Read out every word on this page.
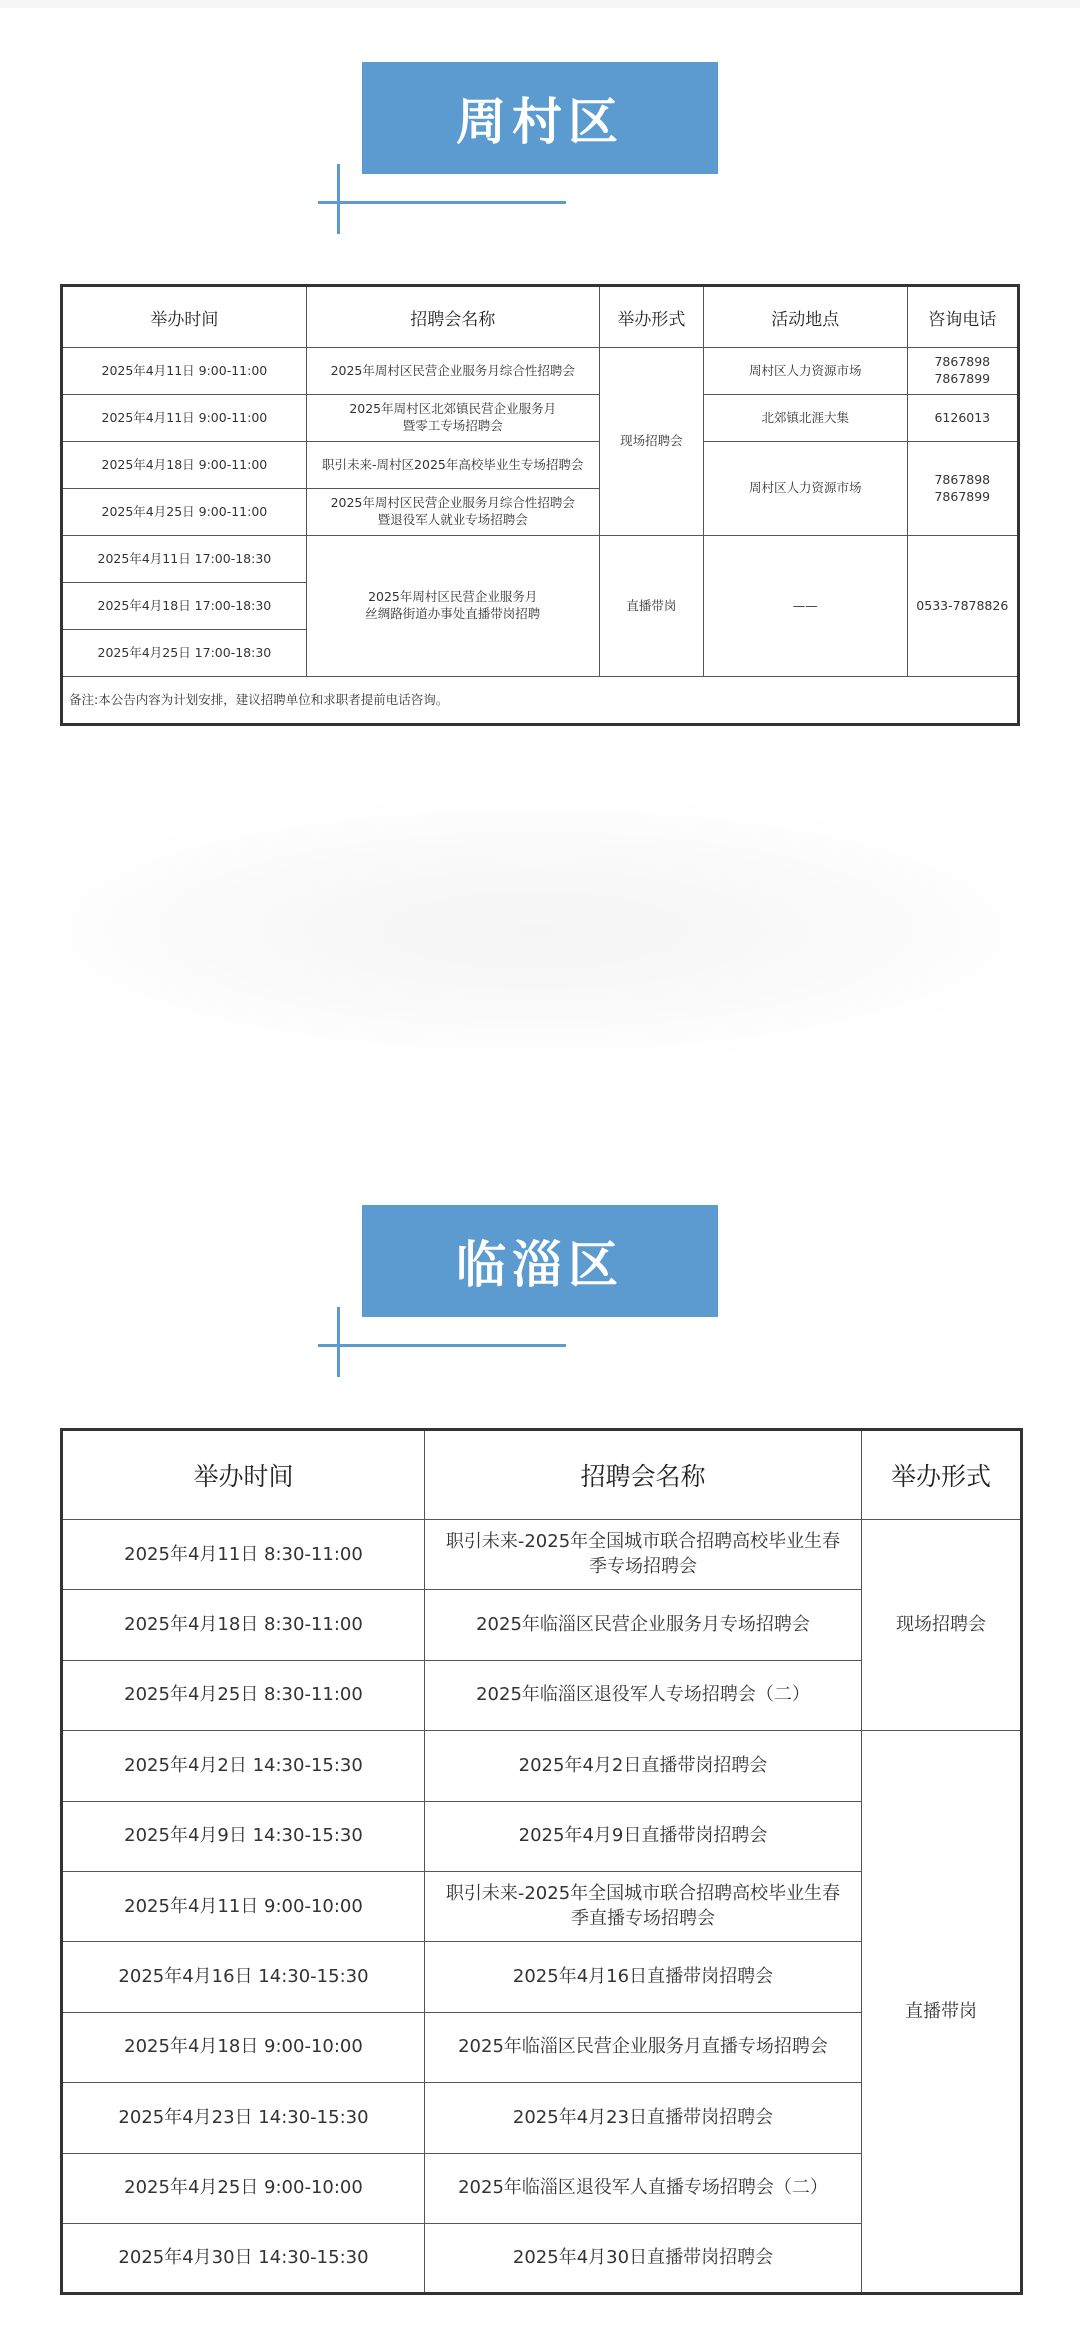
周村区
举办时间	招聘会名称	举办形式	活动地点	咨询电话
2025年4月11日 9:00-11:00	2025年周村区民营企业服务月综合性招聘会	现场招聘会	周村区人力资源市场	7867898
7867899

2025年4月11日 9:00-11:00	2025年周村区北郊镇民营企业服务月
暨零工专场招聘会		北郊镇北涯大集	6126013
2025年4月18日 9:00-11:00	职引未来-周村区2025年高校毕业生专场招聘会		周村区人力资源市场	7867898
7867899

2025年4月25日 9:00-11:00	2025年周村区民营企业服务月综合性招聘会
暨退役军人就业专场招聘会			

2025年4月11日 17:00-18:30	2025年周村区民营企业服务月
丝绸路街道办事处直播带岗招聘	直播带岗	——	0533-7878826
2025年4月18日 17:00-18:30				
2025年4月25日 17:00-18:30				
备注:本公告内容为计划安排，建议招聘单位和求职者提前电话咨询。				
临淄区
举办时间	招聘会名称	举办形式
2025年4月11日 8:30-11:00	职引未来-2025年全国城市联合招聘高校毕业生春
季专场招聘会	现场招聘会
2025年4月18日 8:30-11:00	2025年临淄区民营企业服务月专场招聘会	

2025年4月25日 8:30-11:00	2025年临淄区退役军人专场招聘会（二）	

2025年4月2日 14:30-15:30	2025年4月2日直播带岗招聘会	直播带岗
2025年4月9日 14:30-15:30	2025年4月9日直播带岗招聘会	

2025年4月11日 9:00-10:00	职引未来-2025年全国城市联合招聘高校毕业生春
季直播专场招聘会	

2025年4月16日 14:30-15:30	2025年4月16日直播带岗招聘会	

2025年4月18日 9:00-10:00	2025年临淄区民营企业服务月直播专场招聘会	

2025年4月23日 14:30-15:30	2025年4月23日直播带岗招聘会	

2025年4月25日 9:00-10:00	2025年临淄区退役军人直播专场招聘会（二）	

2025年4月30日 14:30-15:30	2025年4月30日直播带岗招聘会	
